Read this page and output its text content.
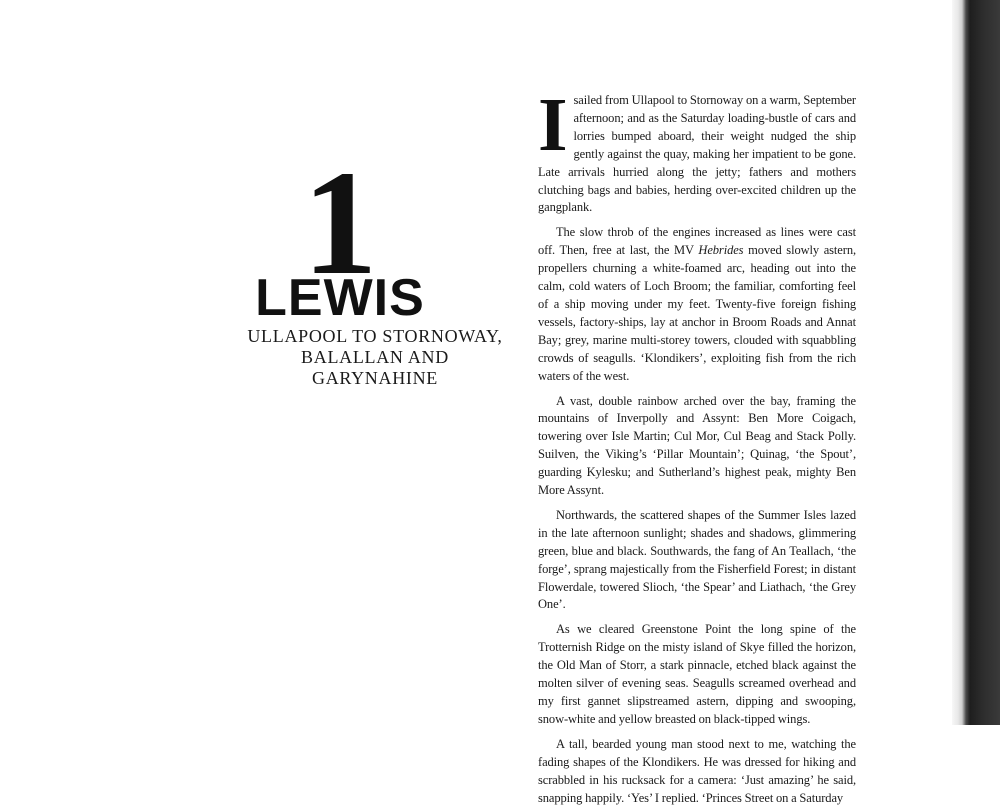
1
LEWIS
ULLAPOOL TO STORNOWAY,
BALALLAN AND GARYNAHINE

Isailed from Ullapool to Stornoway on a warm, September afternoon; and as the Saturday loading-bustle of cars and lorries bumped aboard, their weight nudged the ship gently against the quay, making her impatient to be gone. Late arrivals hurried along the jetty; fathers and mothers clutching bags and babies, herding over-excited children up the gangplank.

The slow throb of the engines increased as lines were cast off. Then, free at last, the MV Hebrides moved slowly astern, propellers churning a white-foamed arc, heading out into the calm, cold waters of Loch Broom; the familiar, comforting feel of a ship moving under my feet. Twenty-five foreign fishing vessels, factory-ships, lay at anchor in Broom Roads and Annat Bay; grey, marine multi-storey towers, clouded with squabbling crowds of seagulls. ‘Klondikers’, exploiting fish from the rich waters of the west.

A vast, double rainbow arched over the bay, framing the mountains of Inverpolly and Assynt: Ben More Coigach, towering over Isle Martin; Cul Mor, Cul Beag and Stack Polly. Suilven, the Viking’s ‘Pillar Mountain’; Quinag, ‘the Spout’, guarding Kylesku; and Sutherland’s highest peak, mighty Ben More Assynt.

Northwards, the scattered shapes of the Summer Isles lazed in the late afternoon sunlight; shades and shadows, glimmering green, blue and black. Southwards, the fang of An Teallach, ‘the forge’, sprang majestically from the Fisherfield Forest; in distant Flowerdale, towered Slioch, ‘the Spear’ and Liathach, ‘the Grey One’.

As we cleared Greenstone Point the long spine of the Trotternish Ridge on the misty island of Skye filled the horizon, the Old Man of Storr, a stark pinnacle, etched black against the molten silver of evening seas. Seagulls screamed overhead and my first gannet slipstreamed astern, dipping and swooping, snow-white and yellow breasted on black-tipped wings.

A tall, bearded young man stood next to me, watching the fading shapes of the Klondikers. He was dressed for hiking and scrabbled in his rucksack for a camera: ‘Just amazing’ he said, snapping happily. ‘Yes’ I replied. ‘Princes Street on a Saturday
